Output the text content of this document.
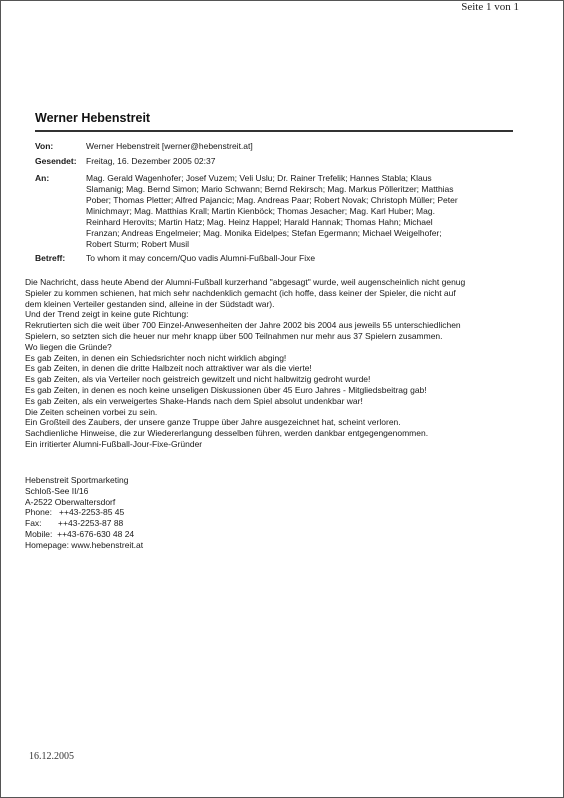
Seite 1 von 1
Werner Hebenstreit
Von:	Werner Hebenstreit [werner@hebenstreit.at]
Gesendet:	Freitag, 16. Dezember 2005 02:37
An:	Mag. Gerald Wagenhofer; Josef Vuzem; Veli Uslu; Dr. Rainer Trefelik; Hannes Stabla; Klaus
Slamanig; Mag. Bernd Simon; Mario Schwann; Bernd Rekirsch; Mag. Markus Pölleritzer; Matthias
Pober; Thomas Pletter; Alfred Pajancic; Mag. Andreas Paar; Robert Novak; Christoph Müller; Peter
Minichmayr; Mag. Matthias Krall; Martin Kienböck; Thomas Jesacher; Mag. Karl Huber; Mag.
Reinhard Herovits; Martin Hatz; Mag. Heinz Happel; Harald Hannak; Thomas Hahn; Michael
Franzan; Andreas Engelmeier; Mag. Monika Eidelpes; Stefan Egermann; Michael Weigelhofer;
Robert Sturm; Robert Musil
Betreff:	To whom it may concern/Quo vadis Alumni-Fußball-Jour Fixe

Die Nachricht, dass heute Abend der Alumni-Fußball kurzerhand "abgesagt" wurde, weil augenscheinlich nicht genug

Spieler zu kommen schienen, hat mich sehr nachdenklich gemacht (ich hoffe, dass keiner der Spieler, die nicht auf

dem kleinen Verteiler gestanden sind, alleine in der Südstadt war).

Und der Trend zeigt in keine gute Richtung:

Rekrutierten sich die weit über 700 Einzel-Anwesenheiten der Jahre 2002 bis 2004 aus jeweils 55 unterschiedlichen

Spielern, so setzten sich die heuer nur mehr knapp über 500 Teilnahmen nur mehr aus 37 Spielern zusammen.

Wo liegen die Gründe?

Es gab Zeiten, in denen ein Schiedsrichter noch nicht wirklich abging!

Es gab Zeiten, in denen die dritte Halbzeit noch attraktiver war als die vierte!

Es gab Zeiten, als via Verteiler noch geistreich gewitzelt und nicht halbwitzig gedroht wurde!

Es gab Zeiten, in denen es noch keine unseligen Diskussionen über 45 Euro Jahres - Mitgliedsbeitrag gab!

Es gab Zeiten, als ein verweigertes Shake-Hands nach dem Spiel absolut undenkbar war!

Die Zeiten scheinen vorbei zu sein.

Ein Großteil des Zaubers, der unsere ganze Truppe über Jahre ausgezeichnet hat, scheint verloren.

Sachdienliche Hinweise, die zur Wiedererlangung desselben führen, werden dankbar entgegengenommen.

Ein irritierter Alumni-Fußball-Jour-Fixe-Gründer

Hebenstreit Sportmarketing

Schloß-See II/16

A-2522 Oberwaltersdorf

Phone:   ++43-2253-85 45

Fax:       ++43-2253-87 88

Mobile:  ++43-676-630 48 24

Homepage: www.hebenstreit.at

16.12.2005
